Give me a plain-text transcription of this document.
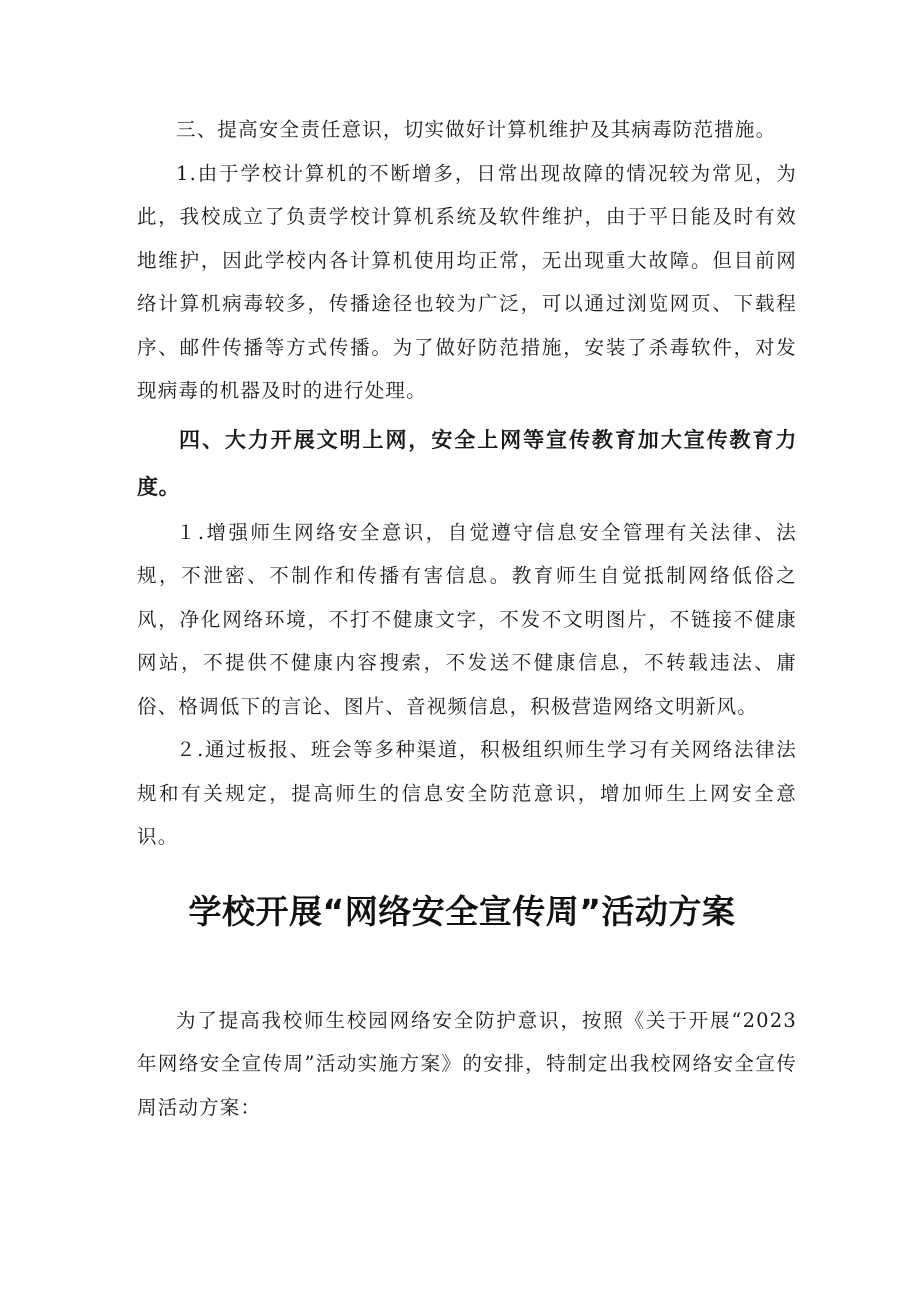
三、提高安全责任意识，切实做好计算机维护及其病毒防范措施。

1.由于学校计算机的不断增多，日常出现故障的情况较为常见，为此，我校成立了负责学校计算机系统及软件维护，由于平日能及时有效地维护，因此学校内各计算机使用均正常，无出现重大故障。但目前网络计算机病毒较多，传播途径也较为广泛，可以通过浏览网页、下载程序、邮件传播等方式传播。为了做好防范措施，安装了杀毒软件，对发现病毒的机器及时的进行处理。

四、大力开展文明上网，安全上网等宣传教育加大宣传教育力度。

１.增强师生网络安全意识，自觉遵守信息安全管理有关法律、法规，不泄密、不制作和传播有害信息。教育师生自觉抵制网络低俗之风，净化网络环境，不打不健康文字，不发不文明图片，不链接不健康网站，不提供不健康内容搜索，不发送不健康信息，不转载违法、庸俗、格调低下的言论、图片、音视频信息，积极营造网络文明新风。

２.通过板报、班会等多种渠道，积极组织师生学习有关网络法律法规和有关规定，提高师生的信息安全防范意识，增加师生上网安全意识。

学校开展“网络安全宣传周”活动方案

为了提高我校师生校园网络安全防护意识，按照《关于开展“2023年网络安全宣传周”活动实施方案》的安排，特制定出我校网络安全宣传周活动方案：
